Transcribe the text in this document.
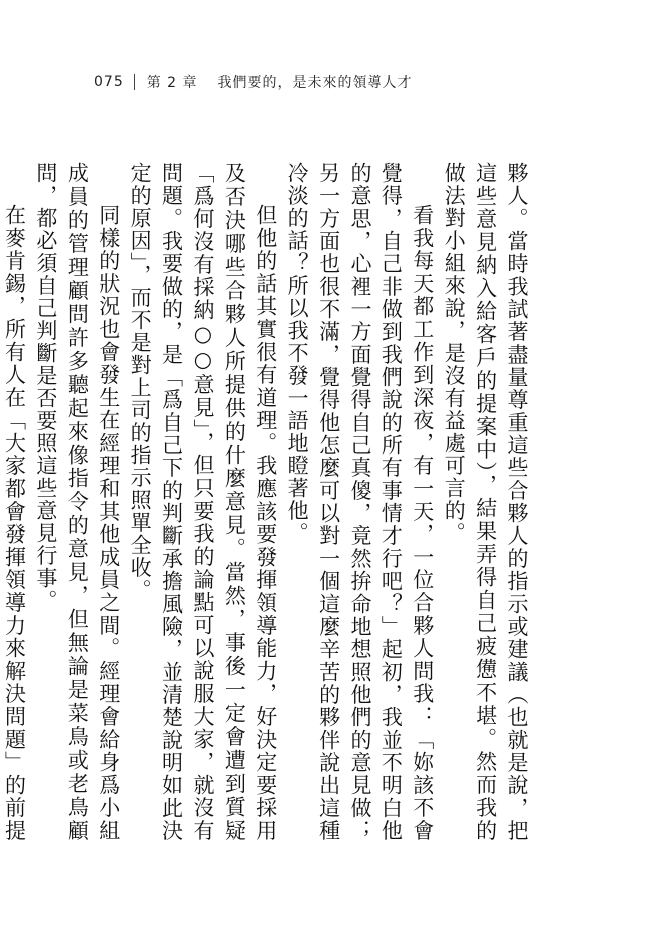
075 第 2 章 我們要的，是未來的領導人才

夥人。當時我試著盡量尊重這些合夥人的指示或建議（也就是說，把這些意見納入給客戶的提案中），結果弄得自己疲憊不堪。然而我的做法對小組來說，是沒有益處可言的。

看我每天都工作到深夜，有一天，一位合夥人問我：「妳該不會覺得，自己非做到我們說的所有事情才行吧？」起初，我並不明白他的意思，心裡一方面覺得自己真傻，竟然拚命地想照他們的意見做；另一方面也很不滿，覺得他怎麼可以對一個這麼辛苦的夥伴說出這種冷淡的話？所以我不發一語地瞪著他。

但他的話其實很有道理。我應該要發揮領導能力，好決定要採用及否決哪些合夥人所提供的什麼意見。當然，事後一定會遭到質疑「爲何沒有採納○○意見」，但只要我的論點可以說服大家，就沒有問題。我要做的，是「爲自己下的判斷承擔風險，並清楚說明如此決定的原因」，而不是對上司的指示照單全收。

同樣的狀況也會發生在經理和其他成員之間。經理會給身爲小組成員的管理顧問許多聽起來像指令的意見，但無論是菜鳥或老鳥顧問，都必須自己判斷是否要照這些意見行事。

在麥肯錫，所有人在「大家都會發揮領導力來解決問題」的前提
